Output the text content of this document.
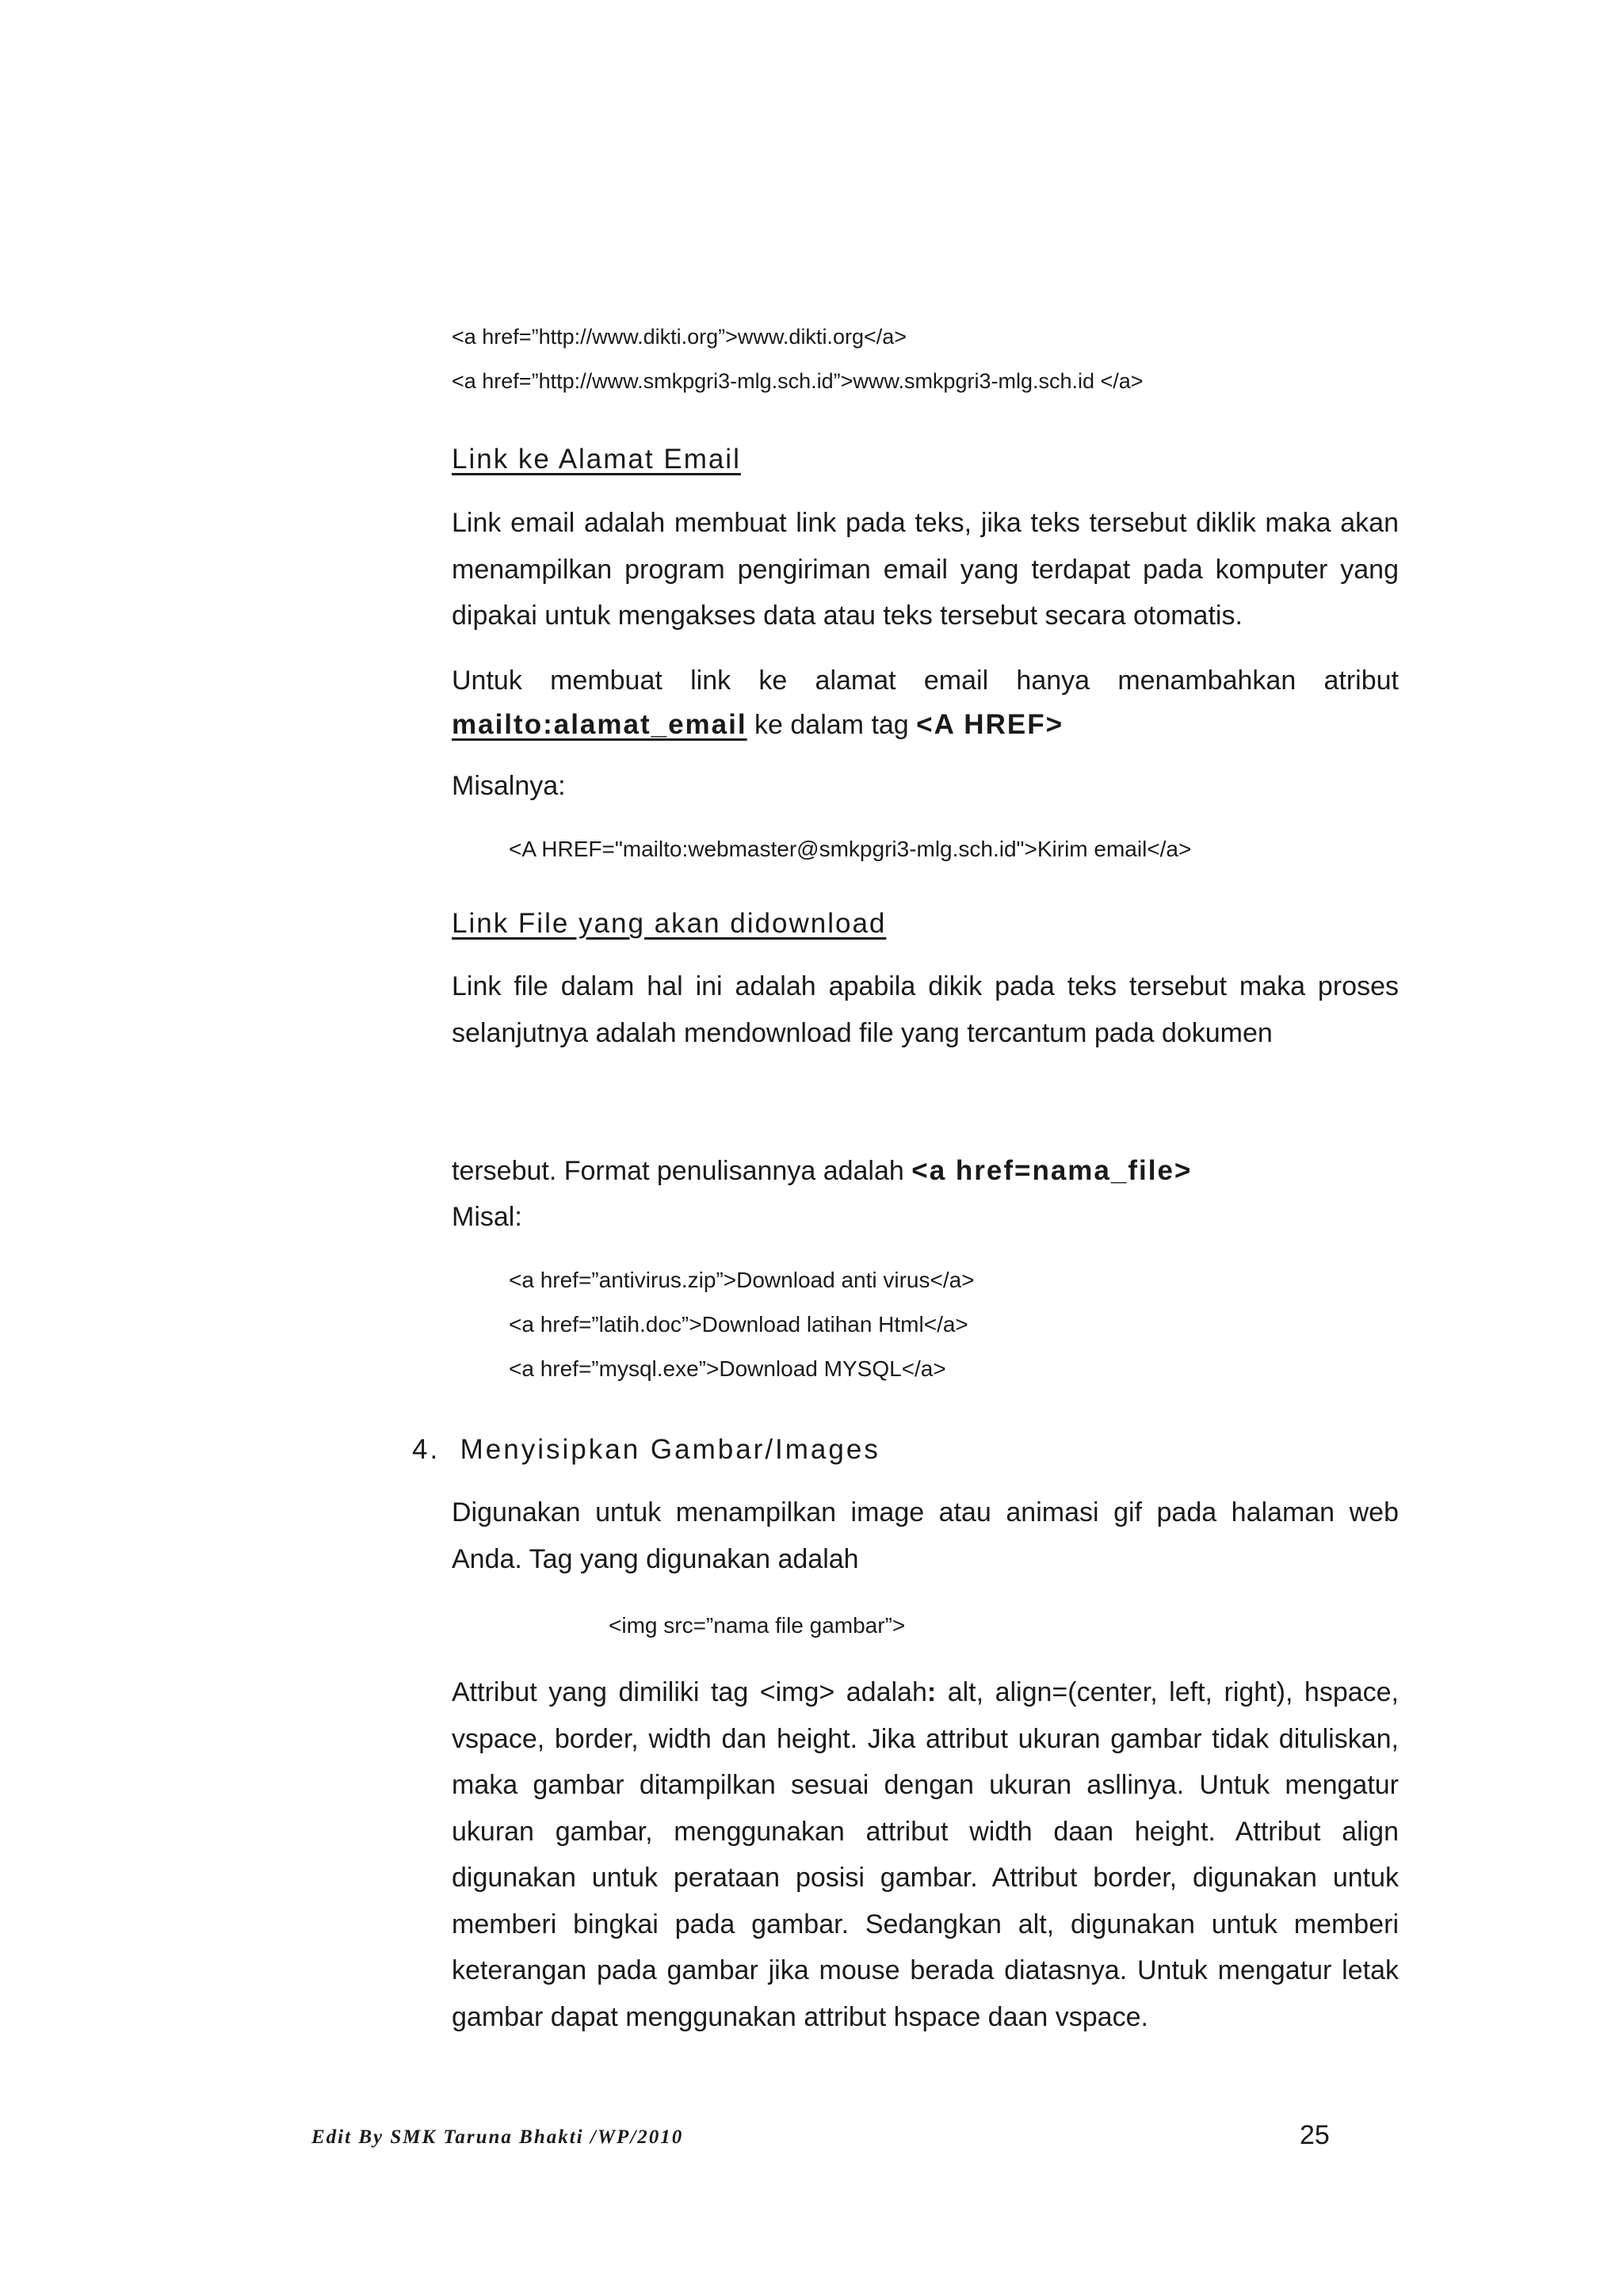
<a href=”http://www.dikti.org”>www.dikti.org</a>
<a href=”http://www.smkpgri3-mlg.sch.id”>www.smkpgri3-mlg.sch.id </a>
Link ke Alamat Email
Link email adalah membuat link pada teks, jika teks tersebut diklik maka akan menampilkan program pengiriman email yang terdapat pada komputer yang dipakai untuk mengakses data atau teks tersebut secara otomatis.
Untuk membuat link ke alamat email hanya menambahkan atribut
mailto:alamat_email ke dalam tag <A HREF>
Misalnya:
<A HREF="mailto:webmaster@smkpgri3-mlg.sch.id">Kirim email</a>
Link File yang akan didownload
Link file dalam hal ini adalah apabila dikik pada teks tersebut maka proses selanjutnya adalah mendownload file yang tercantum pada dokumen
tersebut. Format penulisannya adalah <a href=nama_file>
Misal:
<a href=”antivirus.zip”>Download anti virus</a>
<a href=”latih.doc”>Download latihan Html</a>
<a href=”mysql.exe”>Download MYSQL</a>
4.  Menyisipkan Gambar/Images
Digunakan untuk menampilkan image atau animasi gif pada halaman web Anda. Tag yang digunakan adalah
<img src=”nama file gambar”>
Attribut yang dimiliki tag <img> adalah: alt, align=(center, left, right), hspace, vspace, border, width dan height. Jika attribut ukuran gambar tidak dituliskan, maka gambar ditampilkan sesuai dengan ukuran asllinya. Untuk mengatur ukuran gambar, menggunakan attribut width daan height. Attribut align digunakan untuk perataan posisi gambar. Attribut border, digunakan untuk memberi bingkai pada gambar. Sedangkan alt, digunakan untuk memberi keterangan pada gambar jika mouse berada diatasnya. Untuk mengatur letak gambar dapat menggunakan attribut hspace daan vspace.
Edit By SMK Taruna Bhakti /WP/2010	25
